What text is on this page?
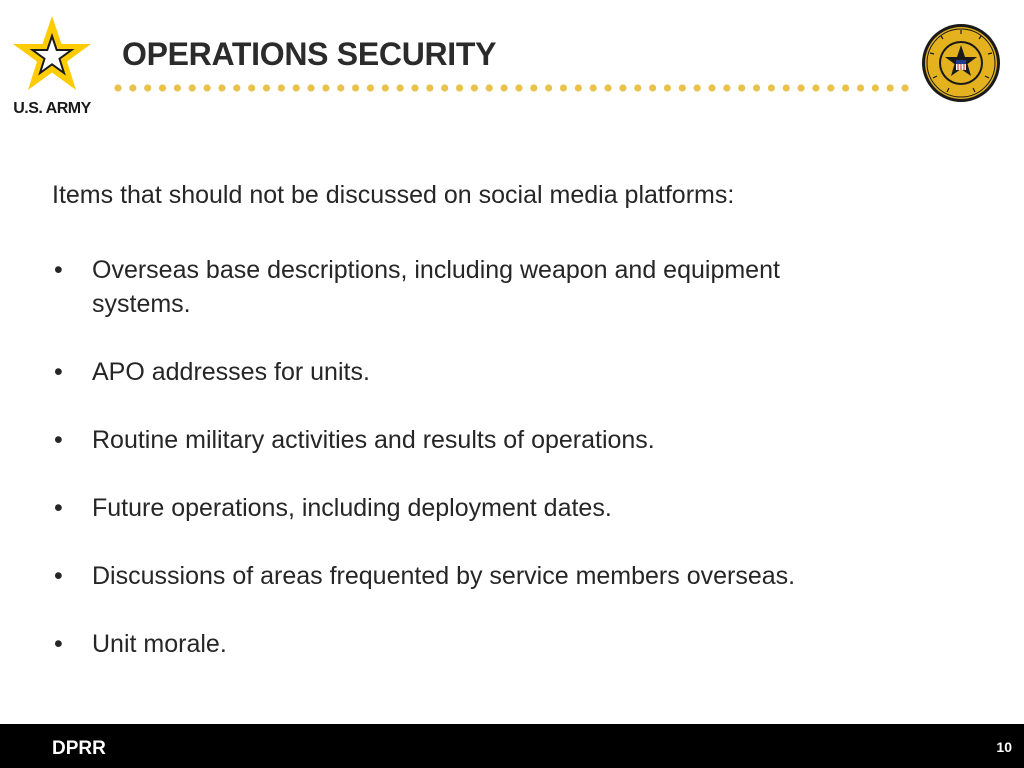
U.S. ARMY
OPERATIONS SECURITY
Items that should not be discussed on social media platforms:
• Overseas base descriptions, including weapon and equipment
systems.
• APO addresses for units.
• Routine military activities and results of operations.
• Future operations, including deployment dates.
• Discussions of areas frequented by service members overseas.
• Unit morale.
DPRR	10
